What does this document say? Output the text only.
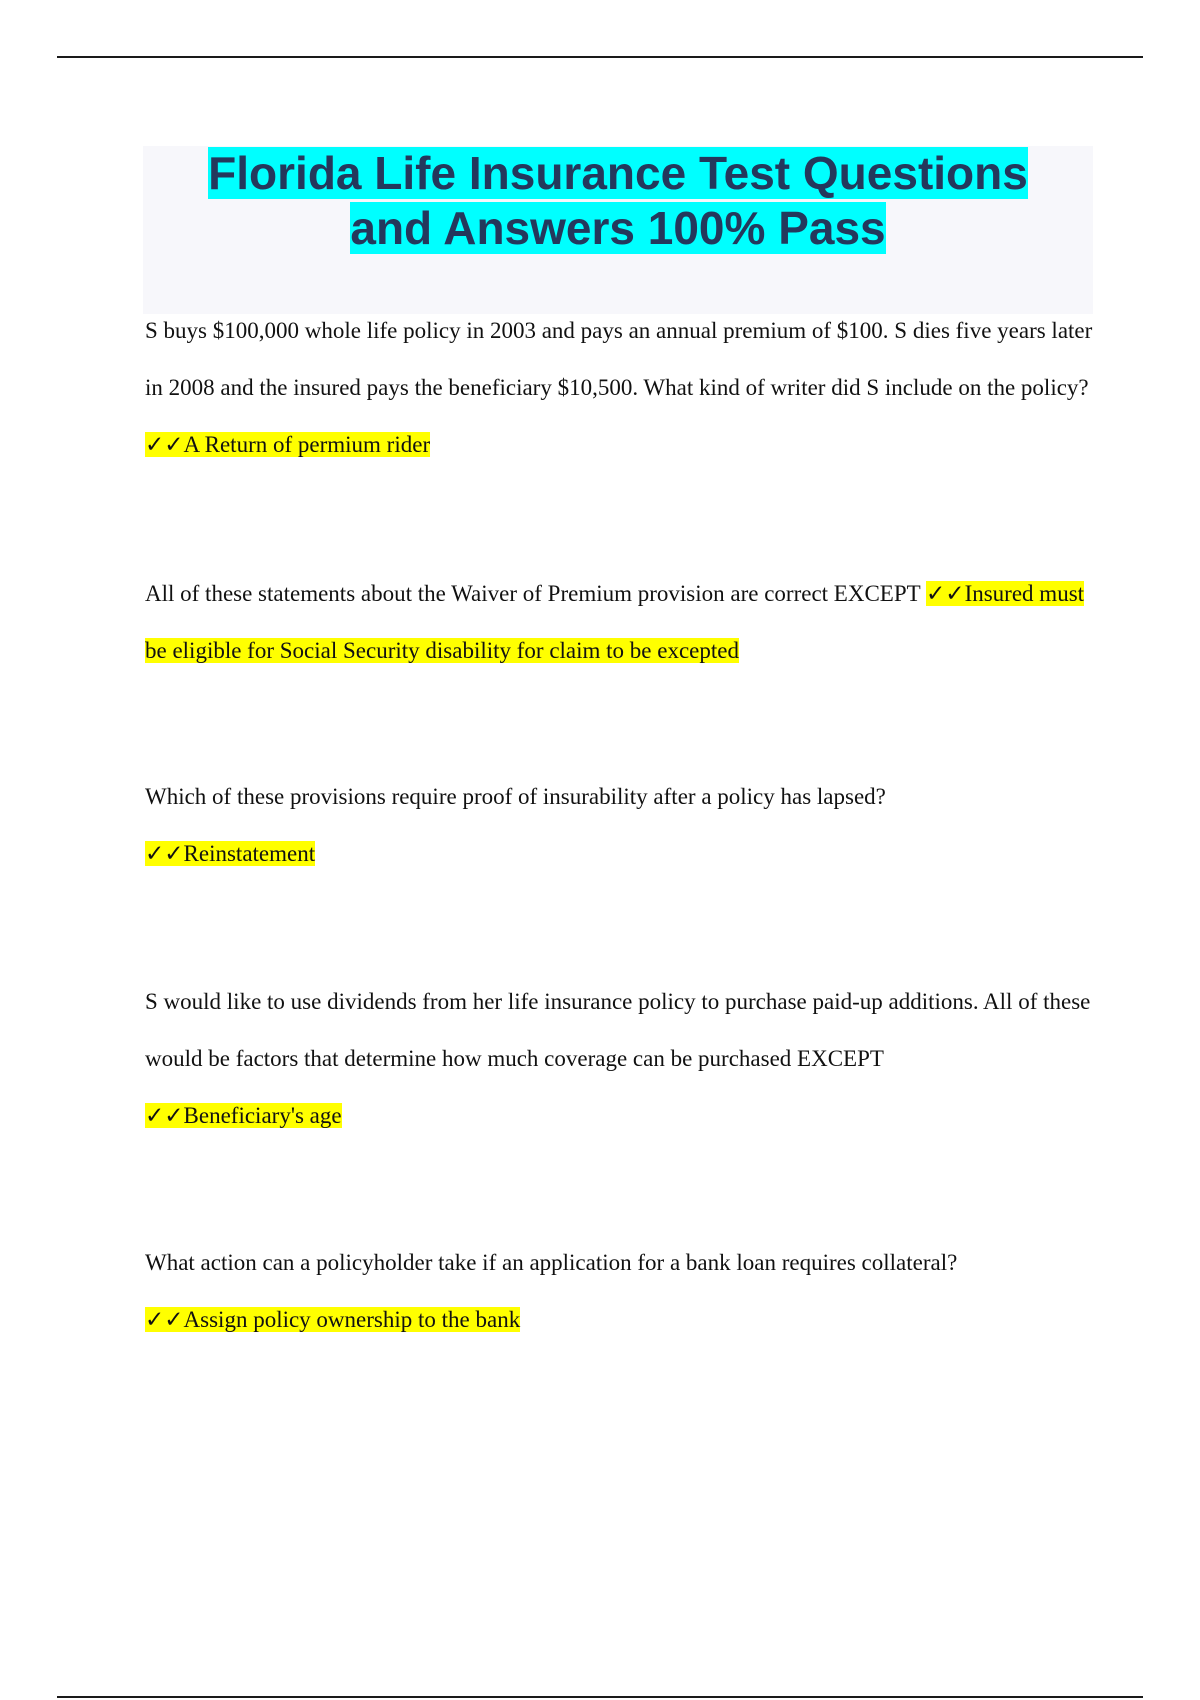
Florida Life Insurance Test Questions
and Answers 100% Pass
S buys $100,000 whole life policy in 2003 and pays an annual premium of $100. S dies five years later in 2008 and the insured pays the beneficiary $10,500. What kind of writer did S include on the policy? ✓✓A Return of permium rider
All of these statements about the Waiver of Premium provision are correct EXCEPT ✓✓Insured must be eligible for Social Security disability for claim to be excepted

Which of these provisions require proof of insurability after a policy has lapsed?

✓✓Reinstatement

S would like to use dividends from her life insurance policy to purchase paid-up additions. All of these would be factors that determine how much coverage can be purchased EXCEPT

✓✓Beneficiary's age

What action can a policyholder take if an application for a bank loan requires collateral?

✓✓Assign policy ownership to the bank
